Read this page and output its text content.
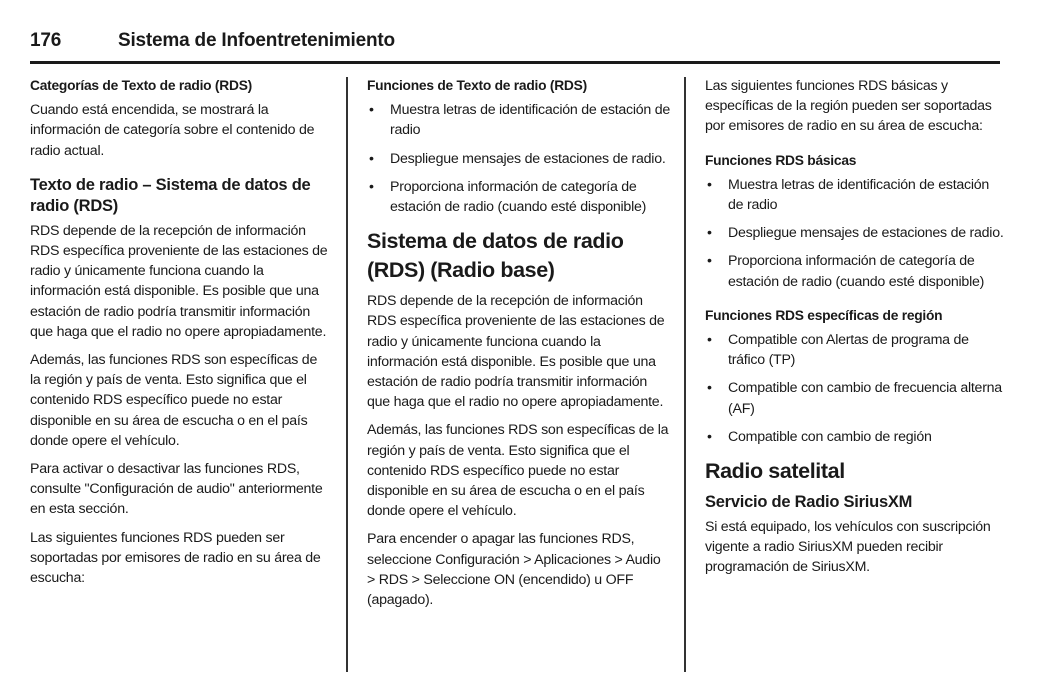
176	Sistema de Infoentretenimiento
Categorías de Texto de radio (RDS)

Cuando está encendida, se mostrará la información de categoría sobre el contenido de radio actual.

Texto de radio – Sistema de datos de radio (RDS)

RDS depende de la recepción de información RDS específica proveniente de las estaciones de radio y únicamente funciona cuando la información está disponible. Es posible que una estación de radio podría transmitir información que haga que el radio no opere apropiadamente.

Además, las funciones RDS son específicas de la región y país de venta. Esto significa que el contenido RDS específico puede no estar disponible en su área de escucha o en el país donde opere el vehículo.

Para activar o desactivar las funciones RDS, consulte "Configuración de audio" anteriormente en esta sección.

Las siguientes funciones RDS pueden ser soportadas por emisores de radio en su área de escucha:

Funciones de Texto de radio (RDS)
• Muestra letras de identificación de estación de radio
• Despliegue mensajes de estaciones de radio.
• Proporciona información de categoría de estación de radio (cuando esté disponible)
Sistema de datos de radio (RDS) (Radio base)

RDS depende de la recepción de información RDS específica proveniente de las estaciones de radio y únicamente funciona cuando la información está disponible. Es posible que una estación de radio podría transmitir información que haga que el radio no opere apropiadamente.

Además, las funciones RDS son específicas de la región y país de venta. Esto significa que el contenido RDS específico puede no estar disponible en su área de escucha o en el país donde opere el vehículo.

Para encender o apagar las funciones RDS, seleccione Configuración > Aplicaciones > Audio > RDS > Seleccione ON (encendido) u OFF (apagado).

Las siguientes funciones RDS básicas y específicas de la región pueden ser soportadas por emisores de radio en su área de escucha:

Funciones RDS básicas
• Muestra letras de identificación de estación de radio
• Despliegue mensajes de estaciones de radio.
• Proporciona información de categoría de estación de radio (cuando esté disponible)
Funciones RDS específicas de región
• Compatible con Alertas de programa de tráfico (TP)
• Compatible con cambio de frecuencia alterna (AF)
• Compatible con cambio de región
Radio satelital
Servicio de Radio SiriusXM

Si está equipado, los vehículos con suscripción vigente a radio SiriusXM pueden recibir programación de SiriusXM.
